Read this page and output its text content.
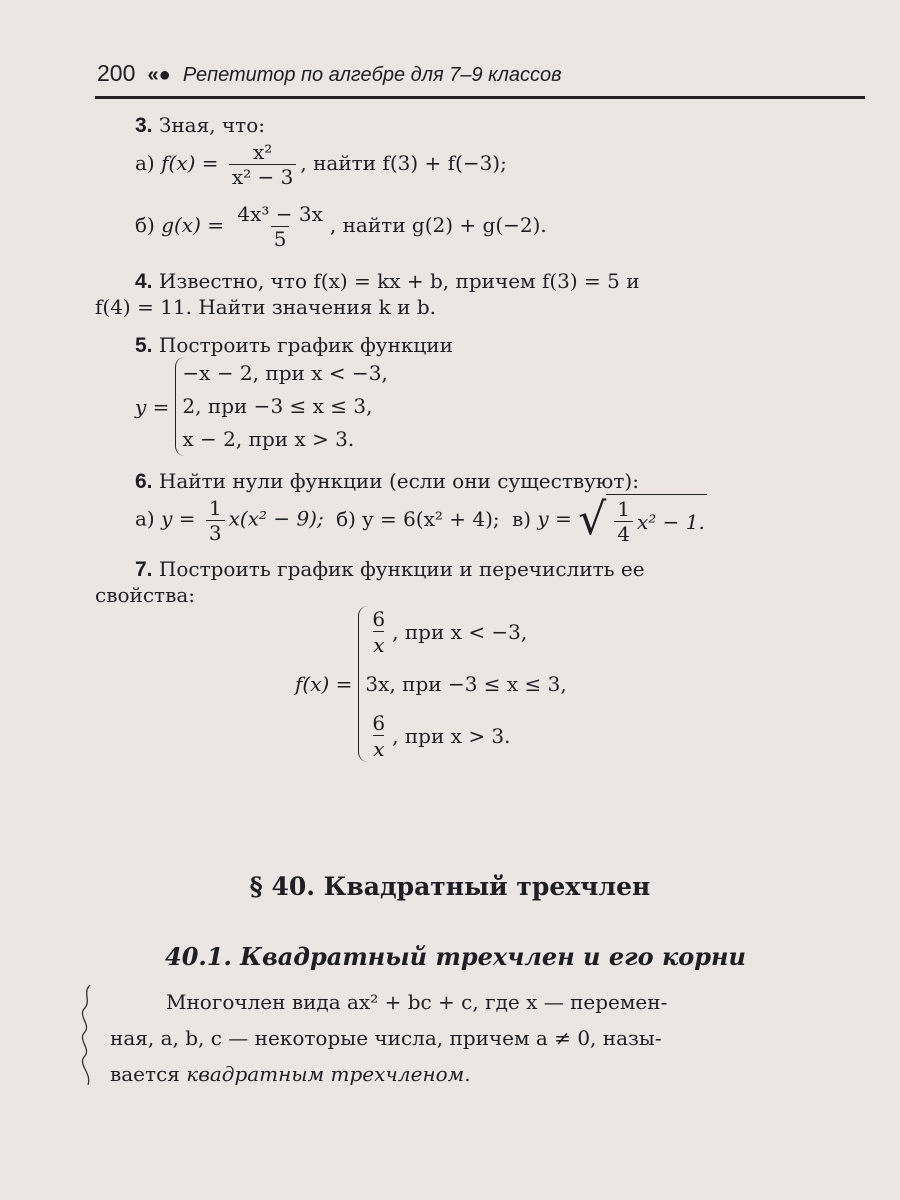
200 «● Репетитор по алгебре для 7–9 классов
3. Зная, что:
а) $f(x) = \frac{\text{x²}}{\text{x² − 3}}$ , найти f(3) + f(−3);
б) $g(x) = \frac{\text{4x³ − 3x}}{5}$ , найти g(2) + g(−2).
4. Известно, что f(x) = kx + b, причем f(3) = 5 и
f(4) = 11. Найти значения k и b.
5. Построить график функции
y =
−x − 2, при x < −3,
2, при −3 ≤ x ≤ 3,
x − 2, при x > 3.
6. Найти нули функции (если они существуют):
а) $y = \frac{1}{3} x(x^2 - 9)$; б) y = 6(x² + 4); в) y = √ $\frac{1}{4} x^2 - 1$.
7. Построить график функции и перечислить ее
свойства:
f(x) =
$\frac{6}{x}$ , при x < −3,
3x, при −3 ≤ x ≤ 3,
$\frac{6}{x}$ , при x > 3.
§ 40. Квадратный трехчлен
40.1. Квадратный трехчлен и его корни
Многочлен вида ax² + bc + c, где x — перемен-
ная, a, b, c — некоторые числа, причем a ≠ 0, назы-
вается квадратным трехчленом.
